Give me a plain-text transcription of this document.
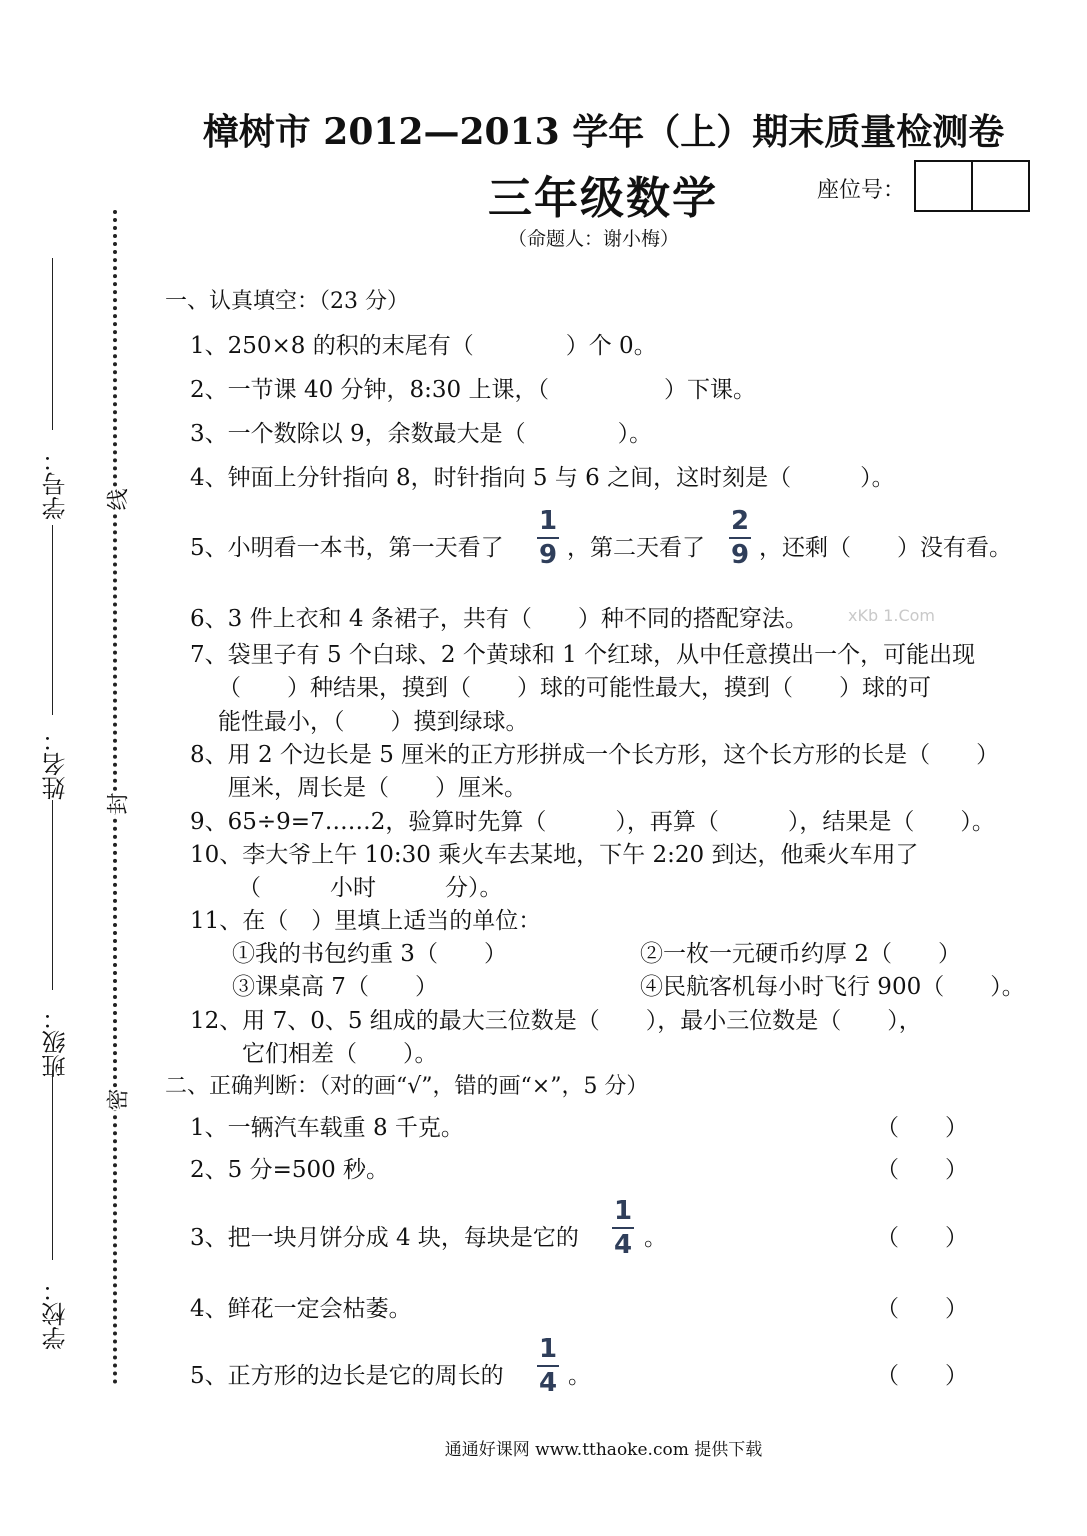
樟树市 2012—2013 学年（上）期末质量检测卷
三年级数学	座位号：
（命题人：谢小梅）
学号：
姓名：
班级：
学校：
线
封
密
一、认真填空：（23 分）
1、250×8 的积的末尾有（　　　　）个 0。
2、一节课 40 分钟，8:30 上课，（　　　　　）下课。
3、一个数除以 9，余数最大是（　　　　）。
4、钟面上分针指向 8，时针指向 5 与 6 之间，这时刻是（　　　）。
5、小明看一本书，第一天看了
1
9 ，第二天看了
2
9 ，还剩（　　）没有看。
6、3 件上衣和 4 条裙子，共有（　　）种不同的搭配穿法。	xKb 1.Com
7、袋里子有 5 个白球、2 个黄球和 1 个红球，从中任意摸出一个，可能出现
（　　）种结果，摸到（　　）球的可能性最大，摸到（　　）球的可
能性最小，（　　）摸到绿球。
8、用 2 个边长是 5 厘米的正方形拼成一个长方形，这个长方形的长是（　　）
厘米，周长是（　　）厘米。
9、65÷9=7……2，验算时先算（　　　），再算（　　　），结果是（　　）。
10、李大爷上午 10:30 乘火车去某地，下午 2:20 到达，他乘火车用了
（　　　小时　　　分）。
11、在（　）里填上适当的单位：
①我的书包约重 3（　　）	②一枚一元硬币约厚 2（　　）
③课桌高 7（　　）	④民航客机每小时飞行 900（　　）。
12、用 7、0、5 组成的最大三位数是（　　），最小三位数是（　　），
它们相差（　　）。
二、正确判断：（对的画“√”，错的画“×”，5 分）
1、一辆汽车载重 8 千克。	（　　）
2、5 分=500 秒。	（　　）
3、把一块月饼分成 4 块，每块是它的
1
4 。	（　　）
4、鲜花一定会枯萎。	（　　）
5、正方形的边长是它的周长的
1
4 。	（　　）
通通好课网 www.tthaoke.com 提供下载
